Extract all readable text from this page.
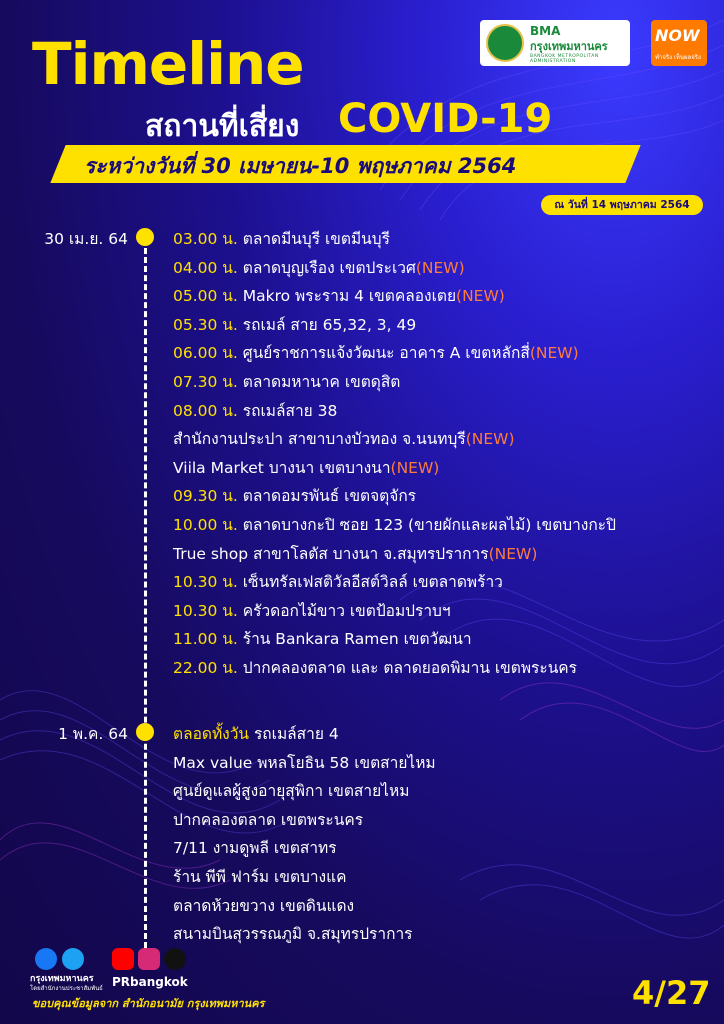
BMA
กรุงเทพมหานคร
BANGKOK METROPOLITAN ADMINISTRATION
NOW
ทำจริง เห็นผลจริง
Timeline
สถานที่เสี่ยง COVID-19
ระหว่างวันที่ 30 เมษายน-10 พฤษภาคม 2564
ณ วันที่ 14 พฤษภาคม 2564
30 เม.ย. 64	03.00 น. ตลาดมีนบุรี เขตมีนบุรี
04.00 น. ตลาดบุญเรือง เขตประเวศ(NEW)
05.00 น. Makro พระราม 4 เขตคลองเตย(NEW)
05.30 น. รถเมล์ สาย 65,32, 3, 49
06.00 น. ศูนย์ราชการแจ้งวัฒนะ อาคาร A เขตหลักสี่(NEW)
07.30 น. ตลาดมหานาค เขตดุสิต
08.00 น. รถเมล์สาย 38
สำนักงานประปา สาขาบางบัวทอง จ.นนทบุรี(NEW)
Viila Market บางนา เขตบางนา(NEW)
09.30 น. ตลาดอมรพันธ์ เขตจตุจักร
10.00 น. ตลาดบางกะปิ ซอย 123 (ขายผักและผลไม้) เขตบางกะปิ
True shop สาขาโลตัส บางนา จ.สมุทรปราการ(NEW)
10.30 น. เซ็นทรัลเฟสติวัลอีสต์วิลล์ เขตลาดพร้าว
10.30 น. ครัวดอกไม้ขาว เขตป้อมปราบฯ
11.00 น. ร้าน Bankara Ramen เขตวัฒนา
22.00 น. ปากคลองตลาด และ ตลาดยอดพิมาน เขตพระนคร
1 พ.ค. 64	ตลอดทั้งวัน รถเมล์สาย 4
Max value พหลโยธิน 58 เขตสายไหม
ศูนย์ดูแลผู้สูงอายุสุพิกา เขตสายไหม
ปากคลองตลาด เขตพระนคร
7/11 งามดูพลี เขตสาทร
ร้าน พีพี ฟาร์ม เขตบางแค
ตลาดห้วยขวาง เขตดินแดง
สนามบินสุวรรณภูมิ จ.สมุทรปราการ
กรุงเทพมหานคร
โดยสำนักงานประชาสัมพันธ์ PRbangkok
ขอบคุณข้อมูลจาก สำนักอนามัย กรุงเทพมหานคร	4/27
